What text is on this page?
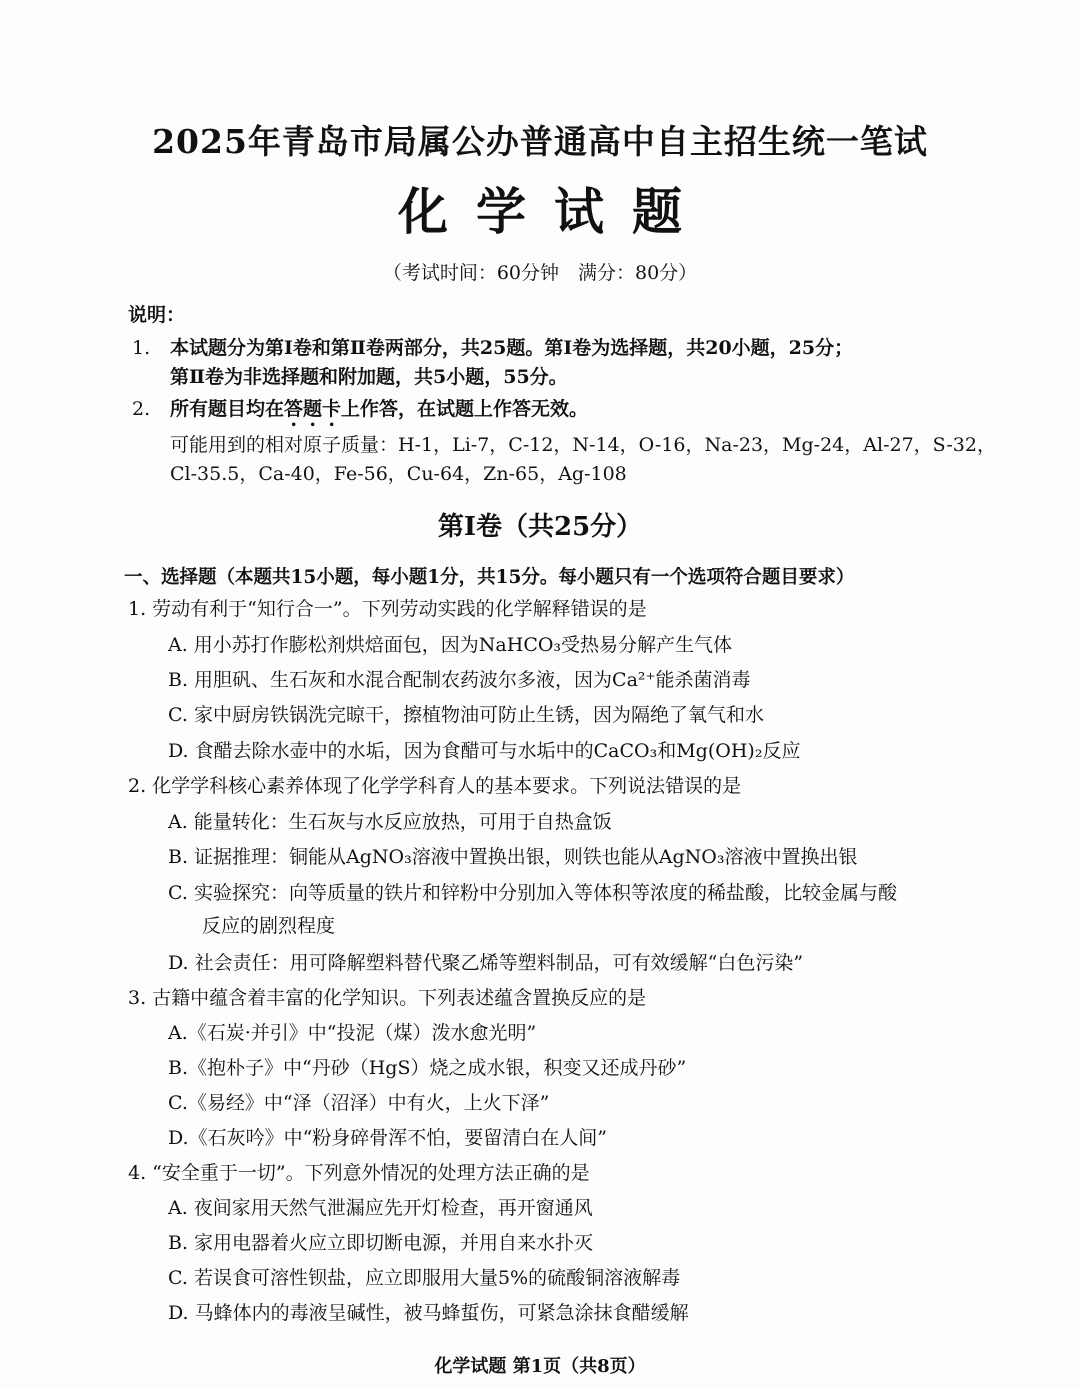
2025年青岛市局属公办普通高中自主招生统一笔试
化学试题
（考试时间：60分钟　满分：80分）
说明：
1. 本试题分为第Ⅰ卷和第Ⅱ卷两部分，共25题。第Ⅰ卷为选择题，共20小题，25分；
第Ⅱ卷为非选择题和附加题，共5小题，55分。
2. 所有题目均在答题卡上作答，在试题上作答无效。
可能用到的相对原子质量：H-1，Li-7，C-12，N-14，O-16，Na-23，Mg-24，Al-27，S-32，
Cl-35.5，Ca-40，Fe-56，Cu-64，Zn-65，Ag-108
第Ⅰ卷（共25分）
一、选择题（本题共15小题，每小题1分，共15分。每小题只有一个选项符合题目要求）
1. 劳动有利于“知行合一”。下列劳动实践的化学解释错误的是
A. 用小苏打作膨松剂烘焙面包，因为NaHCO₃受热易分解产生气体
B. 用胆矾、生石灰和水混合配制农药波尔多液，因为Ca²⁺能杀菌消毒
C. 家中厨房铁锅洗完晾干，擦植物油可防止生锈，因为隔绝了氧气和水
D. 食醋去除水壶中的水垢，因为食醋可与水垢中的CaCO₃和Mg(OH)₂反应
2. 化学学科核心素养体现了化学学科育人的基本要求。下列说法错误的是
A. 能量转化：生石灰与水反应放热，可用于自热盒饭
B. 证据推理：铜能从AgNO₃溶液中置换出银，则铁也能从AgNO₃溶液中置换出银
C. 实验探究：向等质量的铁片和锌粉中分别加入等体积等浓度的稀盐酸，比较金属与酸
反应的剧烈程度
D. 社会责任：用可降解塑料替代聚乙烯等塑料制品，可有效缓解“白色污染”
3. 古籍中蕴含着丰富的化学知识。下列表述蕴含置换反应的是
A.《石炭·并引》中“投泥（煤）泼水愈光明”
B.《抱朴子》中“丹砂（HgS）烧之成水银，积变又还成丹砂”
C.《易经》中“泽（沼泽）中有火，上火下泽”
D.《石灰吟》中“粉身碎骨浑不怕，要留清白在人间”
4. “安全重于一切”。下列意外情况的处理方法正确的是
A. 夜间家用天然气泄漏应先开灯检查，再开窗通风
B. 家用电器着火应立即切断电源，并用自来水扑灭
C. 若误食可溶性钡盐，应立即服用大量5%的硫酸铜溶液解毒
D. 马蜂体内的毒液呈碱性，被马蜂蜇伤，可紧急涂抹食醋缓解
化学试题 第1页（共8页）
